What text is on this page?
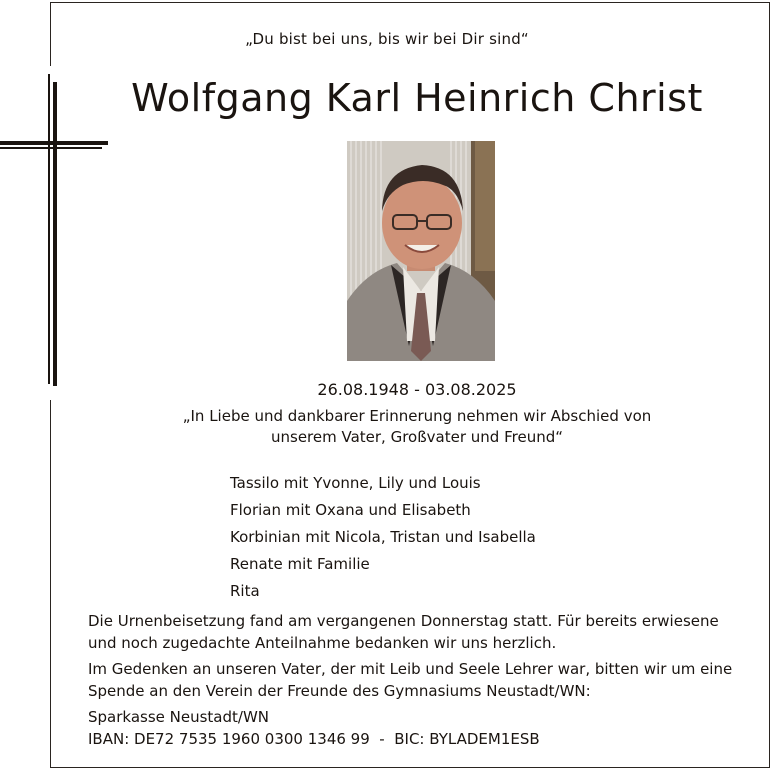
„Du bist bei uns, bis wir bei Dir sind“
Wolfgang Karl Heinrich Christ
26.08.1948 - 03.08.2025
„In Liebe und dankbarer Erinnerung nehmen wir Abschied von
unserem Vater, Großvater und Freund“
Tassilo mit Yvonne, Lily und Louis
Florian mit Oxana und Elisabeth
Korbinian mit Nicola, Tristan und Isabella
Renate mit Familie
Rita
Die Urnenbeisetzung fand am vergangenen Donnerstag statt. Für bereits erwiesene
und noch zugedachte Anteilnahme bedanken wir uns herzlich.
Im Gedenken an unseren Vater, der mit Leib und Seele Lehrer war, bitten wir um eine
Spende an den Verein der Freunde des Gymnasiums Neustadt/WN:
Sparkasse Neustadt/WN
IBAN: DE72 7535 1960 0300 1346 99  -  BIC: BYLADEM1ESB
